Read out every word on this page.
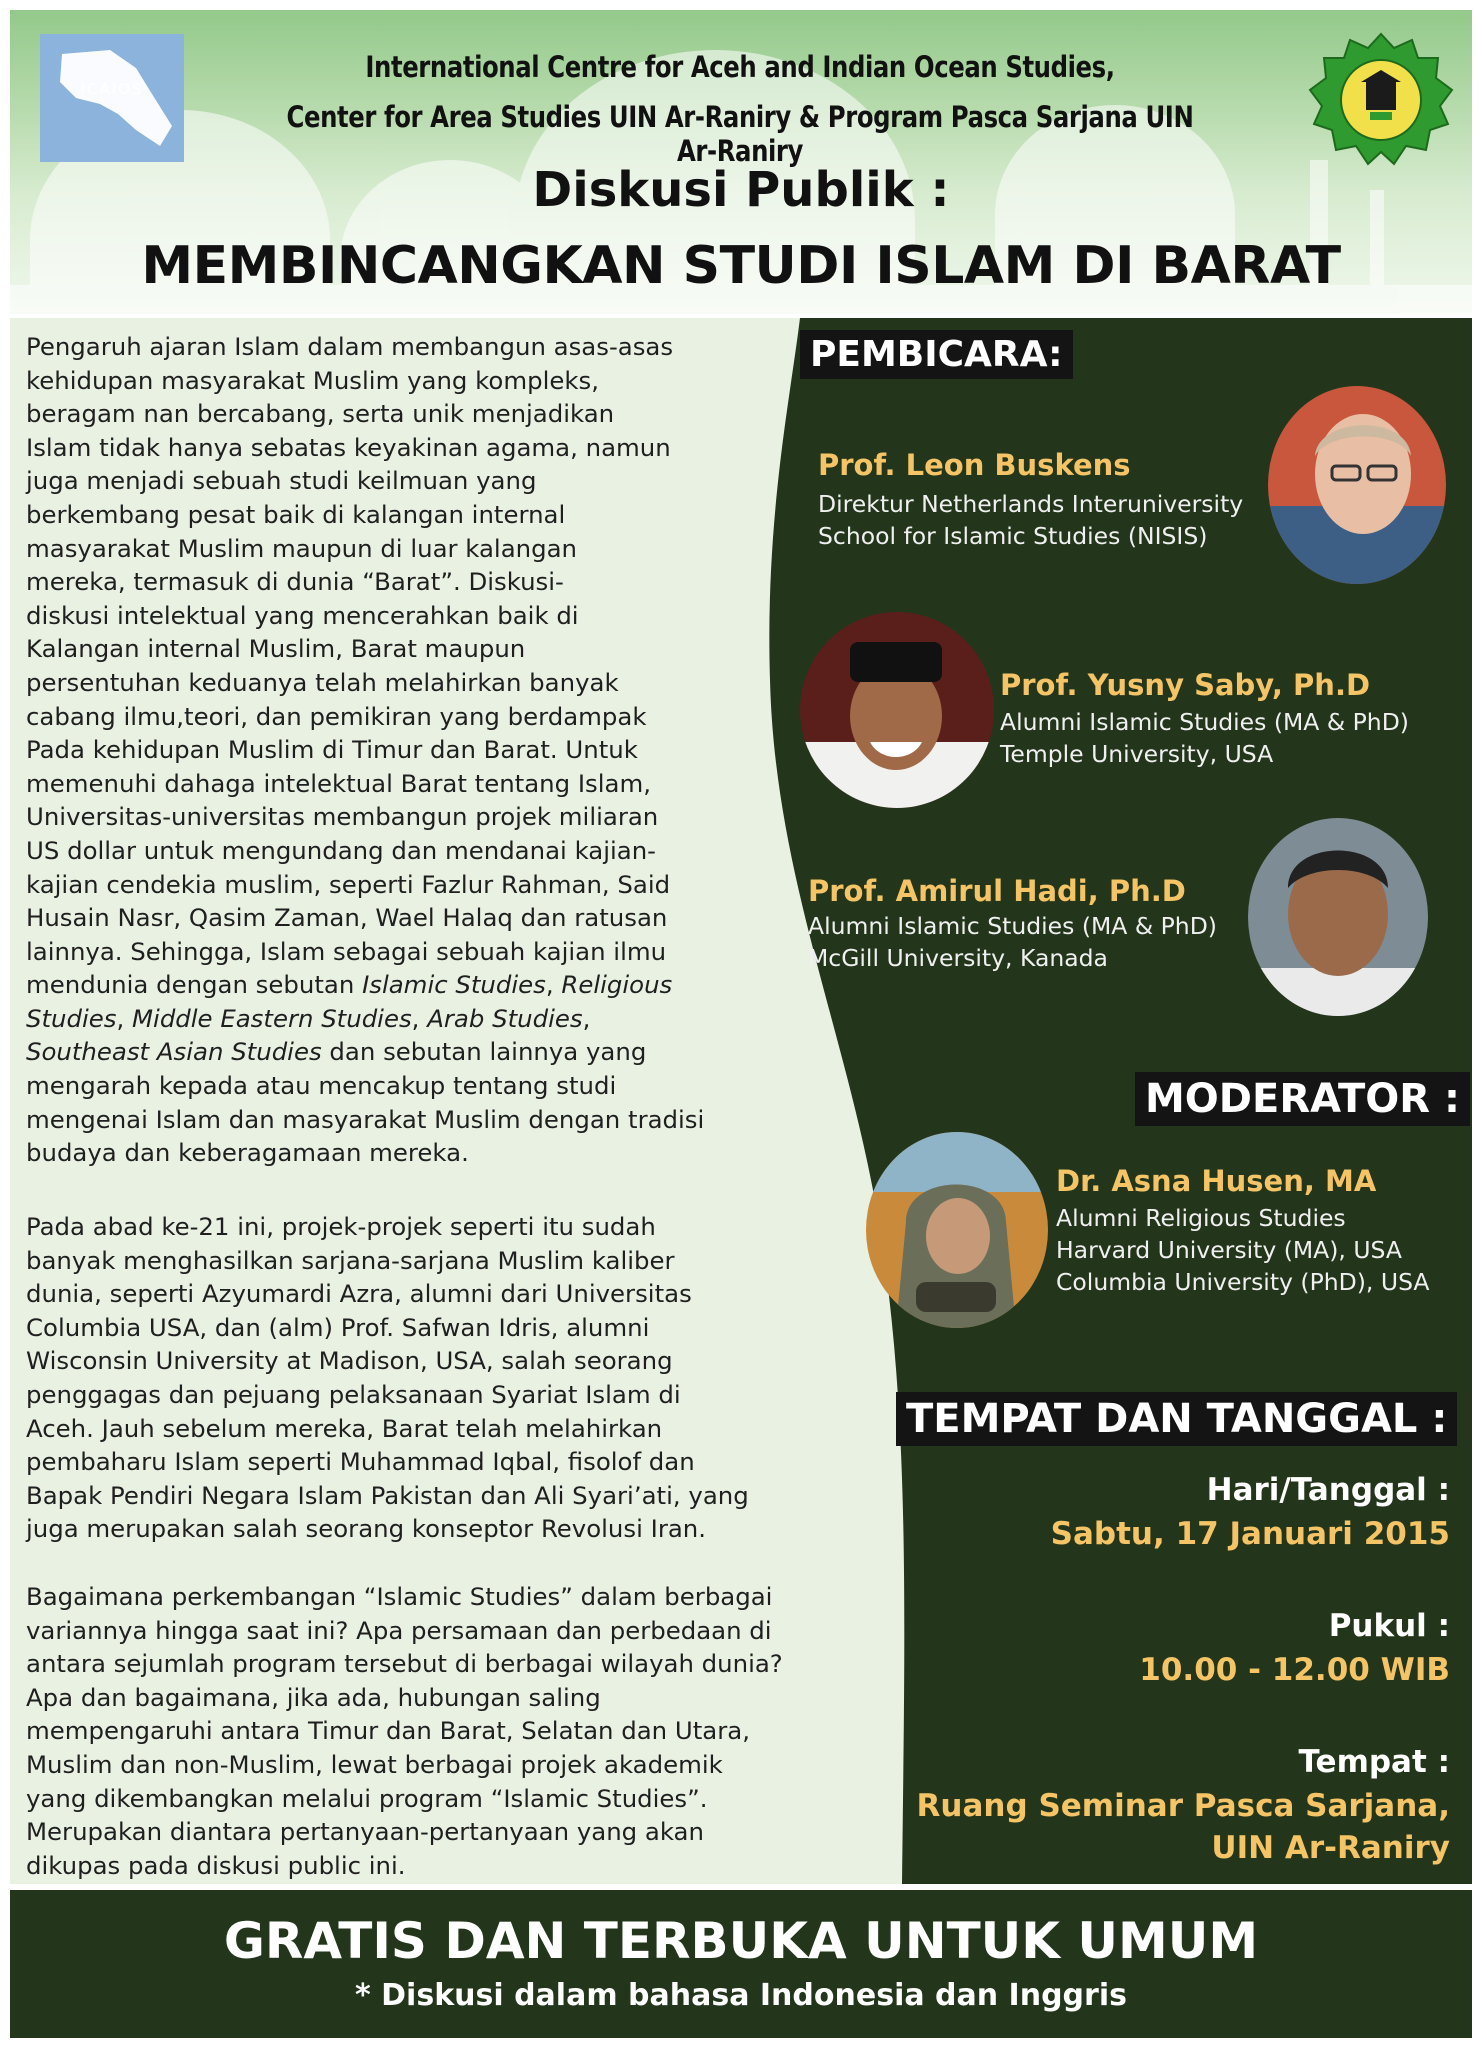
ICAIOS
International Centre for Aceh and Indian Ocean Studies,
Center for Area Studies UIN Ar-Raniry & Program Pasca Sarjana UIN Ar-Raniry
Diskusi Publik :
MEMBINCANGKAN STUDI ISLAM DI BARAT
Pengaruh ajaran Islam dalam membangun asas-asas
kehidupan masyarakat Muslim yang kompleks,
beragam nan bercabang, serta unik menjadikan
Islam tidak hanya sebatas keyakinan agama, namun
juga menjadi sebuah studi keilmuan yang
berkembang pesat baik di kalangan internal
masyarakat Muslim maupun di luar kalangan
mereka, termasuk di dunia “Barat”. Diskusi-
diskusi intelektual yang mencerahkan baik di
Kalangan internal Muslim, Barat maupun
persentuhan keduanya telah melahirkan banyak
cabang ilmu,teori, dan pemikiran yang berdampak
Pada kehidupan Muslim di Timur dan Barat. Untuk
memenuhi dahaga intelektual Barat tentang Islam,
Universitas-universitas membangun projek miliaran
US dollar untuk mengundang dan mendanai kajian-
kajian cendekia muslim, seperti Fazlur Rahman, Said
Husain Nasr, Qasim Zaman, Wael Halaq dan ratusan
lainnya. Sehingga, Islam sebagai sebuah kajian ilmu
mendunia dengan sebutan Islamic Studies, Religious
Studies, Middle Eastern Studies, Arab Studies,
Southeast Asian Studies dan sebutan lainnya yang
mengarah kepada atau mencakup tentang studi
mengenai Islam dan masyarakat Muslim dengan tradisi
budaya dan keberagamaan mereka.
Pada abad ke-21 ini, projek-projek seperti itu sudah
banyak menghasilkan sarjana-sarjana Muslim kaliber
dunia, seperti Azyumardi Azra, alumni dari Universitas
Columbia USA, dan (alm) Prof. Safwan Idris, alumni
Wisconsin University at Madison, USA, salah seorang
penggagas dan pejuang pelaksanaan Syariat Islam di
Aceh. Jauh sebelum mereka, Barat telah melahirkan
pembaharu Islam seperti Muhammad Iqbal, fisolof dan
Bapak Pendiri Negara Islam Pakistan dan Ali Syari’ati, yang
juga merupakan salah seorang konseptor Revolusi Iran.
Bagaimana perkembangan “Islamic Studies” dalam berbagai
variannya hingga saat ini? Apa persamaan dan perbedaan di
antara sejumlah program tersebut di berbagai wilayah dunia?
Apa dan bagaimana, jika ada, hubungan saling
mempengaruhi antara Timur dan Barat, Selatan dan Utara,
Muslim dan non-Muslim, lewat berbagai projek akademik
yang dikembangkan melalui program “Islamic Studies”.
Merupakan diantara pertanyaan-pertanyaan yang akan
dikupas pada diskusi public ini.
PEMBICARA:
Prof. Leon Buskens
Direktur Netherlands Interuniversity
School for Islamic Studies (NISIS)
Prof. Yusny Saby, Ph.D
Alumni Islamic Studies (MA & PhD)
Temple University, USA
Prof. Amirul Hadi, Ph.D
Alumni Islamic Studies (MA & PhD)
McGill University, Kanada
MODERATOR :
Dr. Asna Husen, MA
Alumni Religious Studies
Harvard University (MA), USA
Columbia University (PhD), USA
TEMPAT DAN TANGGAL :
Hari/Tanggal :
Sabtu, 17 Januari 2015
Pukul :
10.00 - 12.00 WIB
Tempat :
Ruang Seminar Pasca Sarjana,
UIN Ar-Raniry
GRATIS DAN TERBUKA UNTUK UMUM
* Diskusi dalam bahasa Indonesia dan Inggris
